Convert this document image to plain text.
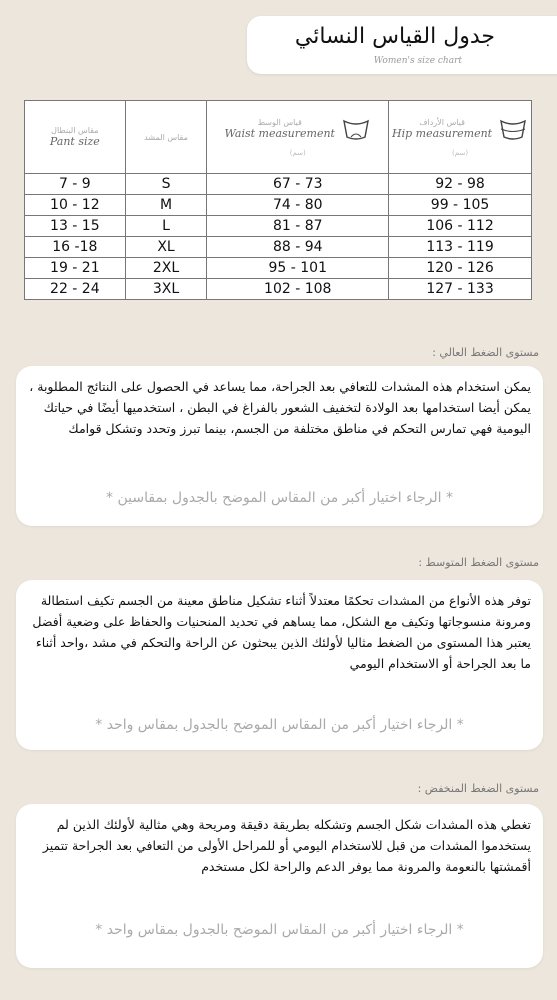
جدول القياس النسائي
Women's size chart
مقاس البنطال
Pant size	مقاس المشد	قياس الوسط
Waist measurement
(سم)	قياس الأرداف
Hip measurement
(سم)

7 - 9	S	67 - 73	92 - 98
10 - 12	M	74 - 80	99 - 105
13 - 15	L	81 - 87	106 - 112
16 -18	XL	88 - 94	113 - 119
19 - 21	2XL	95 - 101	120 - 126
22 - 24	3XL	102 - 108	127 - 133
مستوى الضغط العالي :
يمكن استخدام هذه المشدات للتعافي بعد الجراحة، مما يساعد في الحصول على النتائج المطلوبة ، يمكن أيضا استخدامها بعد الولادة لتخفيف الشعور بالفراغ في البطن ، استخدميها أيضًا في حياتك اليومية فهي تمارس التحكم في مناطق مختلفة من الجسم، بينما تبرز وتحدد وتشكل قوامك
* الرجاء اختيار أكبر من المقاس الموضح بالجدول بمقاسين *
مستوى الضغط المتوسط :
توفر هذه الأنواع من المشدات تحكمًا معتدلاً أثناء تشكيل مناطق معينة من الجسم تكيف استطالة ومرونة منسوجاتها وتكيف مع الشكل، مما يساهم في تحديد المنحنيات والحفاظ على وضعية أفضل يعتبر هذا المستوى من الضغط مثاليا لأولئك الذين يبحثون عن الراحة والتحكم في مشد ،واحد أثناء ما بعد الجراحة أو الاستخدام اليومي
* الرجاء اختيار أكبر من المقاس الموضح بالجدول بمقاس واحد *
مستوى الضغط المنخفض :
تغطي هذه المشدات شكل الجسم وتشكله بطريقة دقيقة ومريحة وهي مثالية لأولئك الذين لم يستخدموا المشدات من قبل للاستخدام اليومي أو للمراحل الأولى من التعافي بعد الجراحة تتميز أقمشتها بالنعومة والمرونة مما يوفر الدعم والراحة لكل مستخدم
* الرجاء اختيار أكبر من المقاس الموضح بالجدول بمقاس واحد *
